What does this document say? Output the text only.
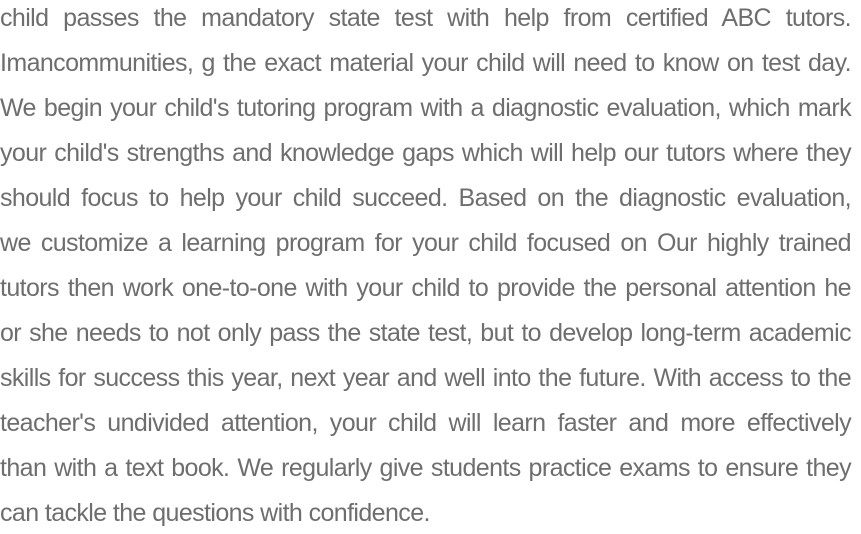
child passes the mandatory state test with help from certified ABC tutors.

Imancommunities, g the exact material your child will need to know on test day.

We begin your child's tutoring program with a diagnostic evaluation, which mark

your child's strengths and knowledge gaps which will help our tutors where they

should focus to help your child succeed. Based on the diagnostic evaluation,

we customize a learning program for your child focused on Our highly trained

tutors then work one-to-one with your child to provide the personal attention he

or she needs to not only pass the state test, but to develop long-term academic

skills for success this year, next year and well into the future. With access to the

teacher's undivided attention, your child will learn faster and more effectively

than with a text book. We regularly give students practice exams to ensure they

can tackle the questions with confidence.
